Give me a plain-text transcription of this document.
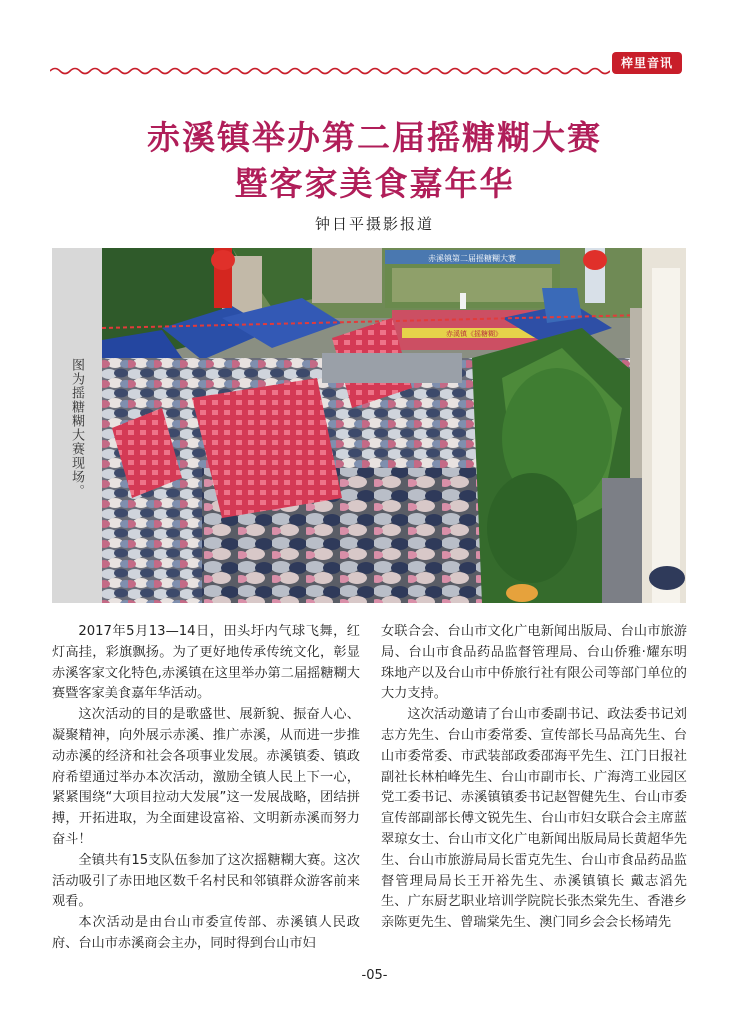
梓里音讯
赤溪镇举办第二届摇糖糊大赛
暨客家美食嘉年华
钟日平摄影报道
图为摇糖糊大赛现场。
赤溪镇第二届摇糖糊大赛
赤溪镇《摇糖糊》

2017年5月13—14日，田头圩内气球飞舞，红灯高挂，彩旗飘扬。为了更好地传承传统文化，彰显赤溪客家文化特色,赤溪镇在这里举办第二届摇糖糊大赛暨客家美食嘉年华活动。

这次活动的目的是歌盛世、展新貌、振奋人心、凝聚精神，向外展示赤溪、推广赤溪，从而进一步推动赤溪的经济和社会各项事业发展。赤溪镇委、镇政府希望通过举办本次活动，激励全镇人民上下一心，紧紧围绕“大项目拉动大发展”这一发展战略，团结拼搏，开拓进取，为全面建设富裕、文明新赤溪而努力奋斗！

全镇共有15支队伍参加了这次摇糖糊大赛。这次活动吸引了赤田地区数千名村民和邻镇群众游客前来观看。

本次活动是由台山市委宣传部、赤溪镇人民政府、台山市赤溪商会主办，同时得到台山市妇

女联合会、台山市文化广电新闻出版局、台山市旅游局、台山市食品药品监督管理局、台山侨雅·耀东明珠地产以及台山市中侨旅行社有限公司等部门单位的大力支持。

这次活动邀请了台山市委副书记、政法委书记刘志方先生、台山市委常委、宣传部长马品高先生、台山市委常委、市武装部政委邵海平先生、江门日报社副社长林柏峰先生、台山市副市长、广海湾工业园区党工委书记、赤溪镇镇委书记赵智健先生、台山市委宣传部副部长傅文锐先生、台山市妇女联合会主席蓝翠琼女士、台山市文化广电新闻出版局局长黄超华先生、台山市旅游局局长雷克先生、台山市食品药品监督管理局局长王开裕先生、赤溪镇镇长 戴志滔先生、广东厨艺职业培训学院院长张杰棠先生、香港乡亲陈更先生、曾瑞棠先生、澳门同乡会会长杨靖先

-05-
